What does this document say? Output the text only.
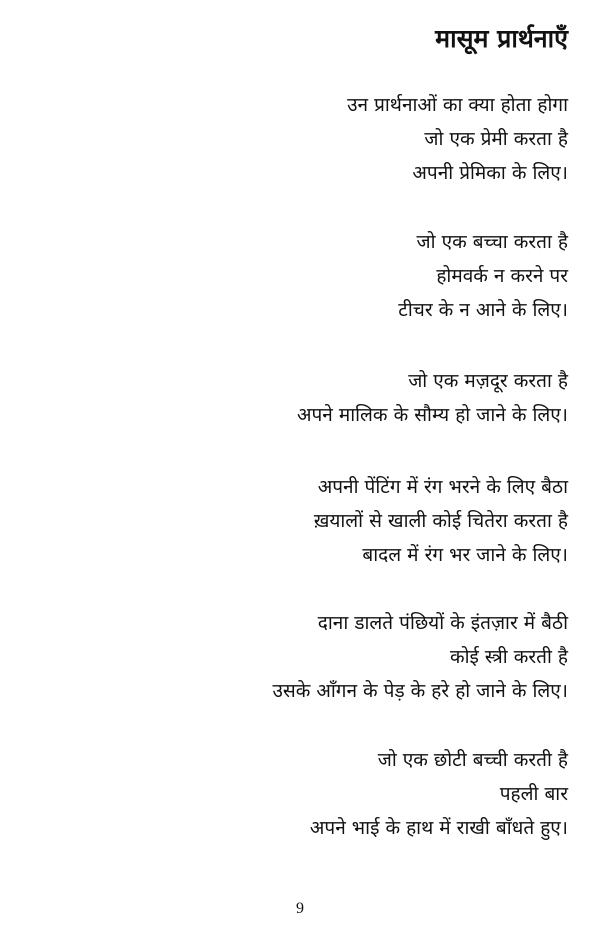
मासूम प्रार्थनाएँ
उन प्रार्थनाओं का क्या होता होगा
जो एक प्रेमी करता है
अपनी प्रेमिका के लिए।
जो एक बच्चा करता है
होमवर्क न करने पर
टीचर के न आने के लिए।
जो एक मज़दूर करता है
अपने मालिक के सौम्य हो जाने के लिए।
अपनी पेंटिंग में रंग भरने के लिए बैठा
ख़यालों से खाली कोई चितेरा करता है
बादल में रंग भर जाने के लिए।
दाना डालते पंछियों के इंतज़ार में बैठी
कोई स्त्री करती है
उसके आँगन के पेड़ के हरे हो जाने के लिए।
जो एक छोटी बच्ची करती है
पहली बार
अपने भाई के हाथ में राखी बाँधते हुए।
9
